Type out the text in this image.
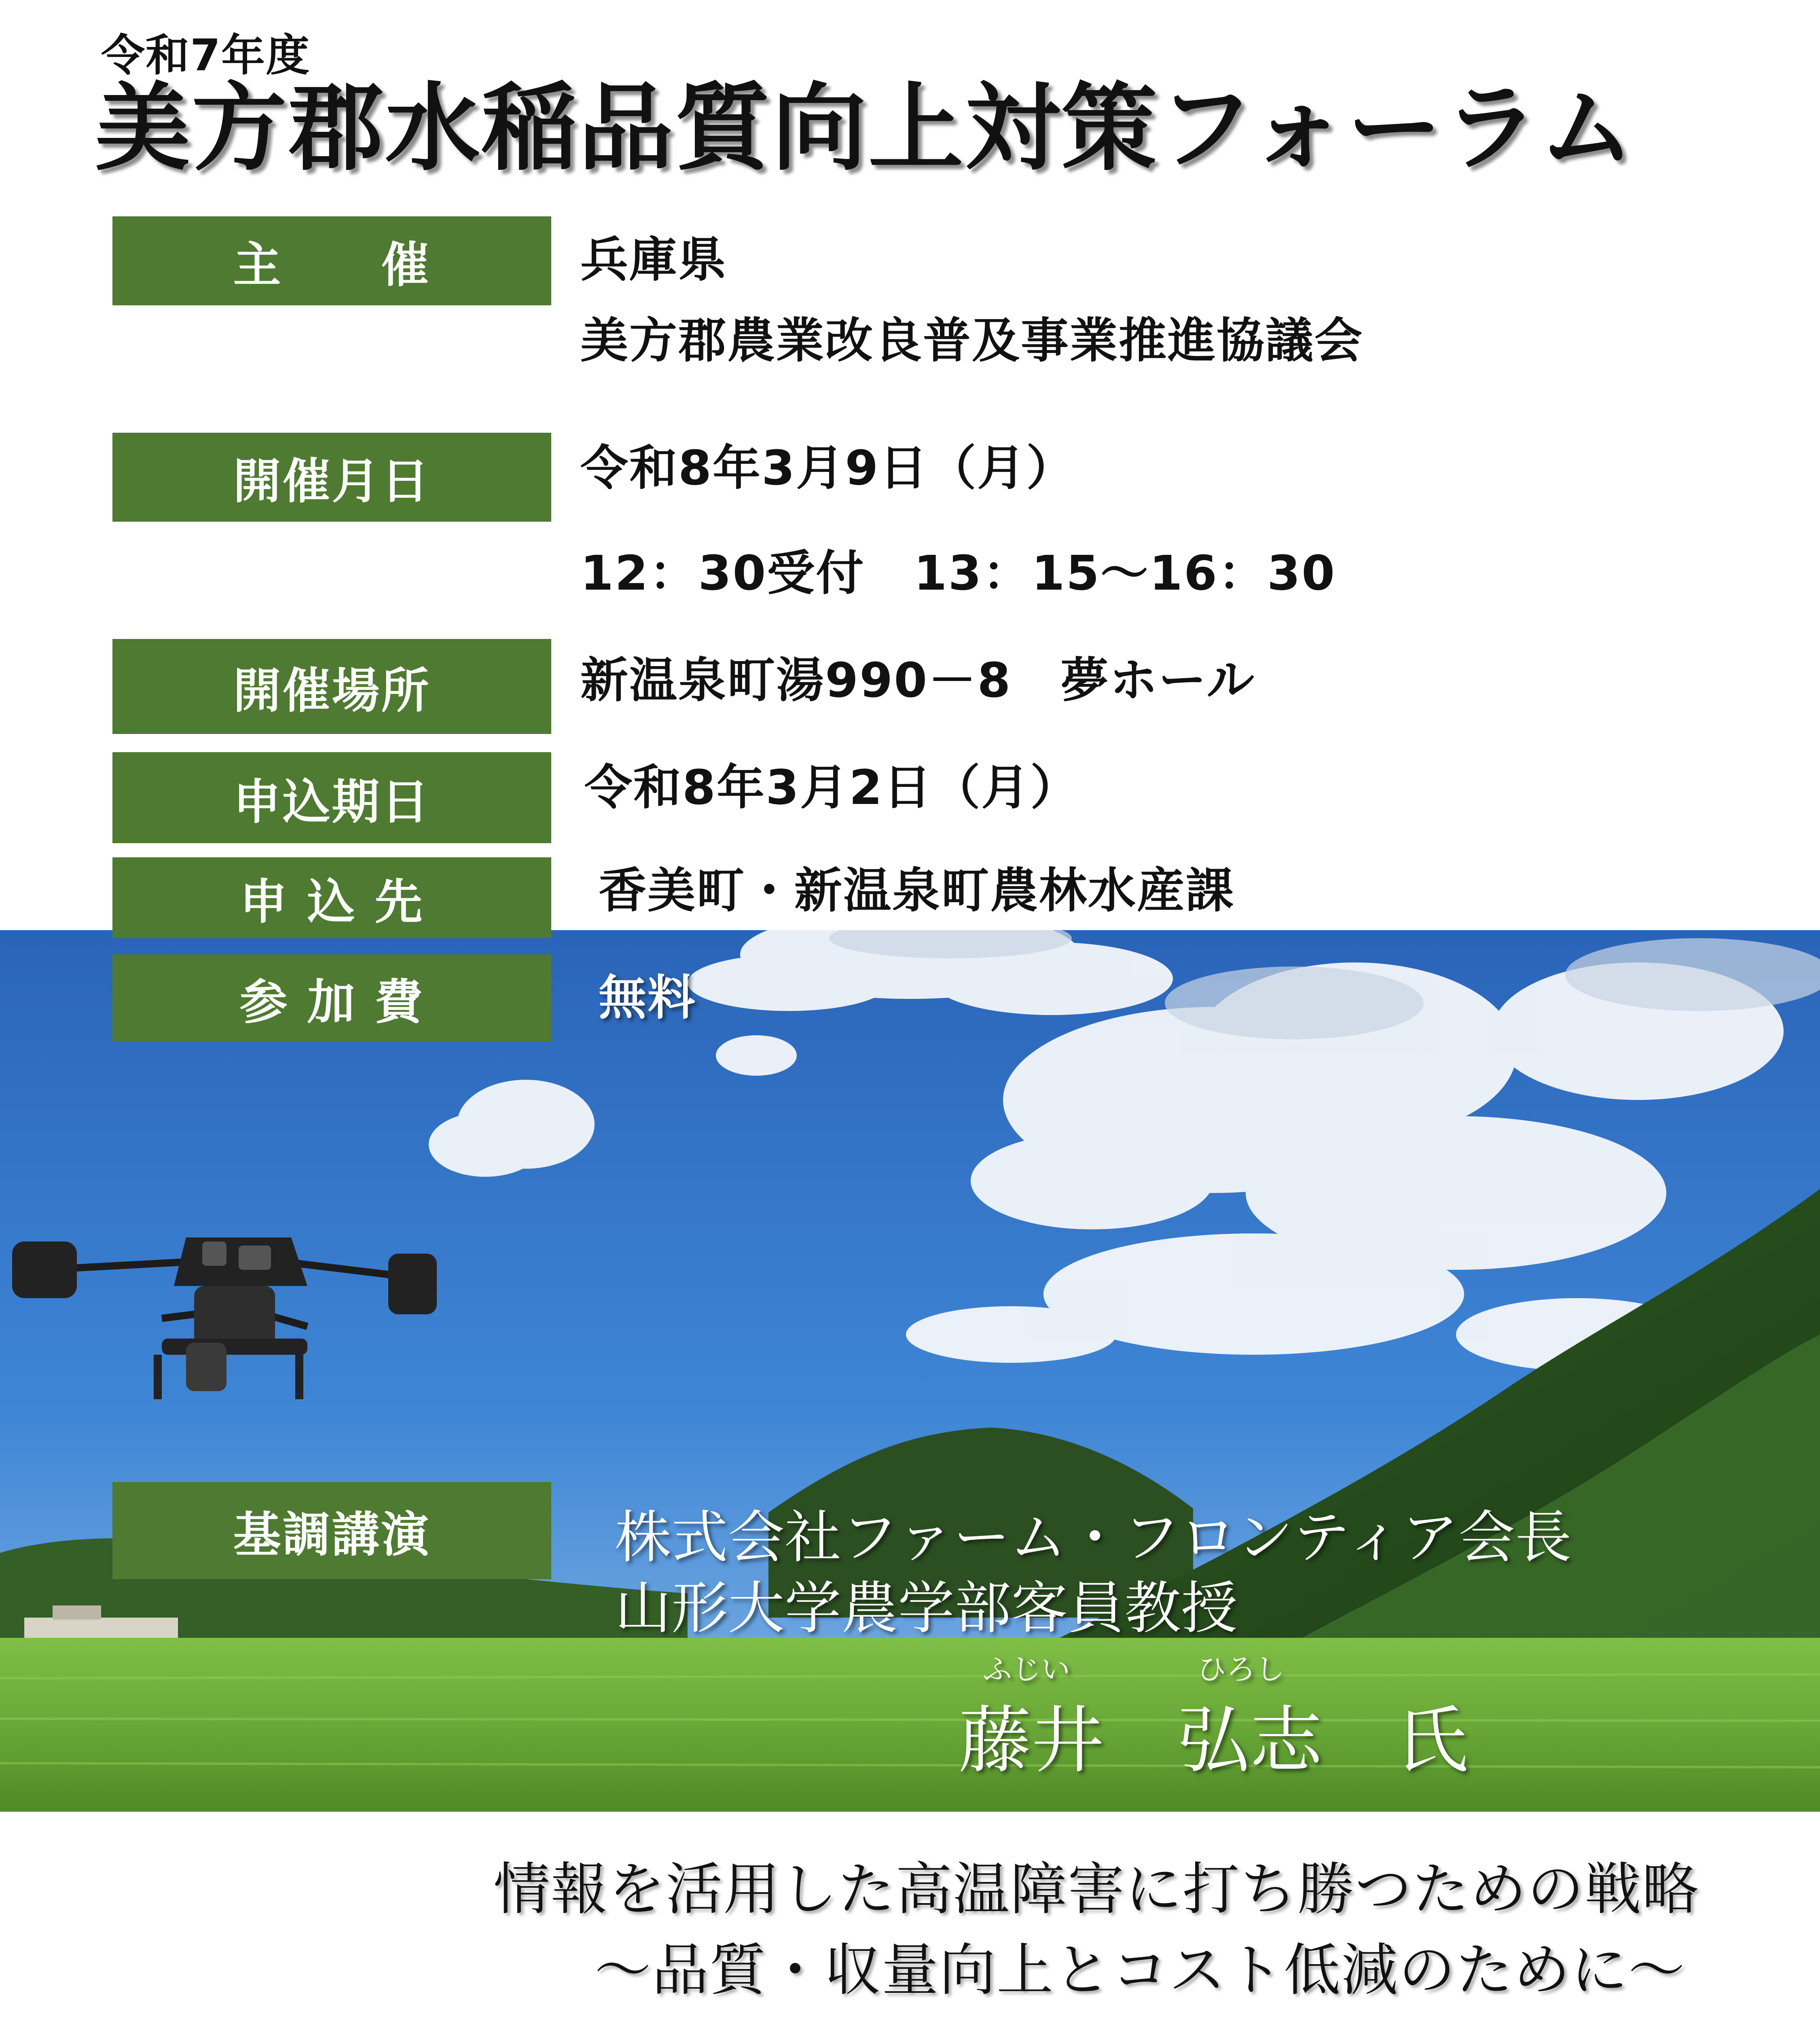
令和7年度
美方郡水稲品質向上対策フォーラム
主　　催	兵庫県
美方郡農業改良普及事業推進協議会
開催月日	令和8年3月9日（月）
12：30受付　13：15～16：30
開催場所	新温泉町湯990－8　夢ホール
申込期日	令和8年3月2日（月）
申 込 先	香美町・新温泉町農林水産課
参 加 費	無料
基調講演	株式会社ファーム・フロンティア会長
山形大学農学部客員教授
ふじい	ひろし
藤井　弘志　氏
情報を活用した高温障害に打ち勝つための戦略
～品質・収量向上とコスト低減のために～
